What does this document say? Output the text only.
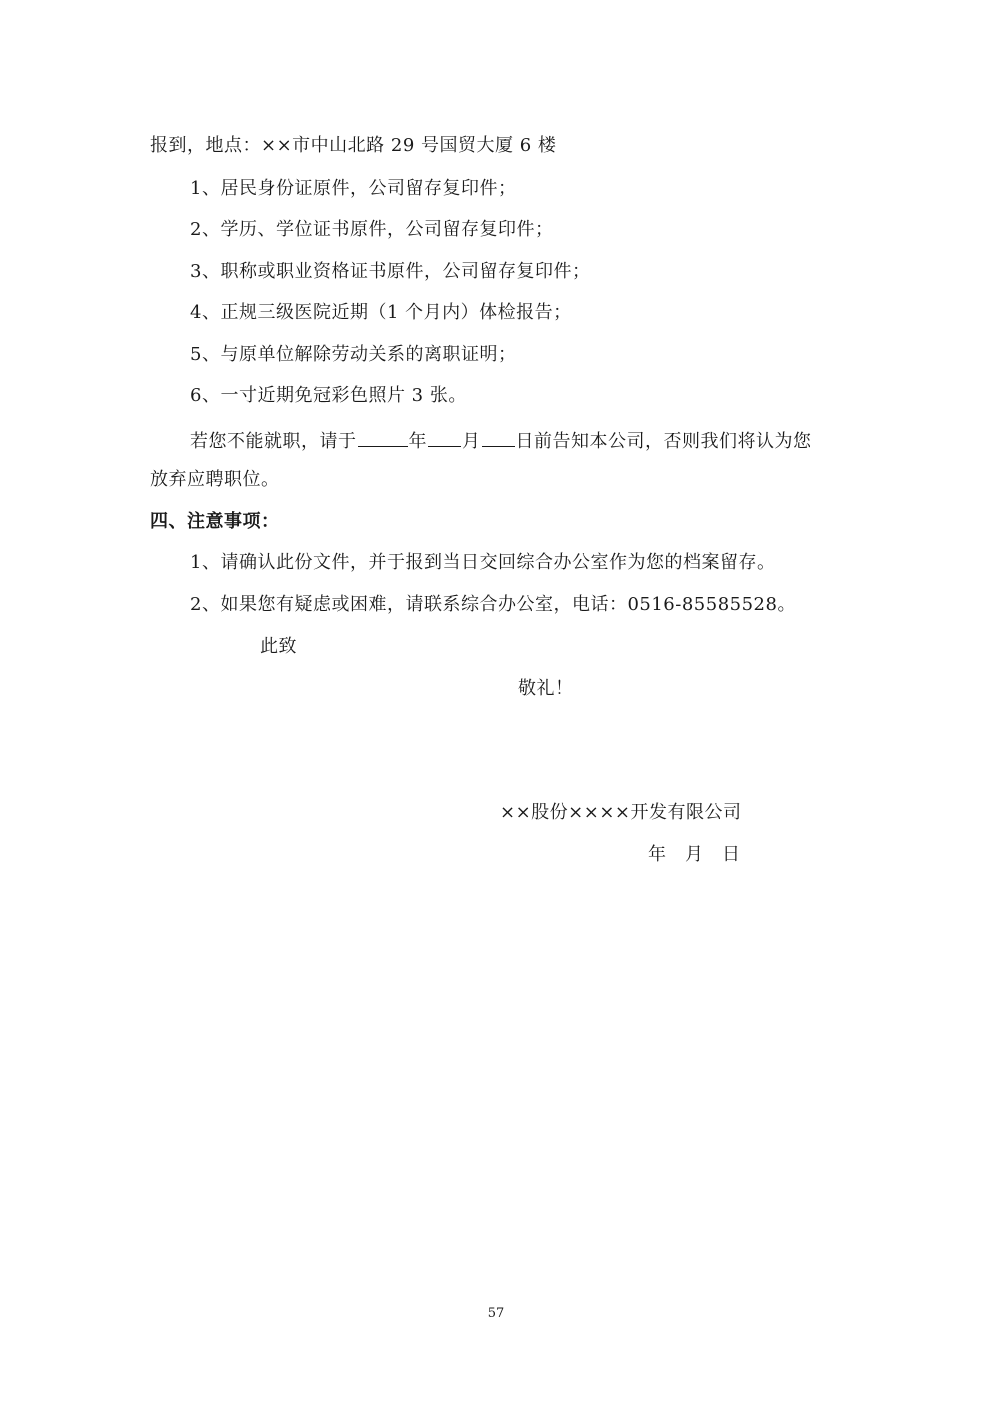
报到，地点：××市中山北路 29 号国贸大厦 6 楼
1、居民身份证原件，公司留存复印件；
2、学历、学位证书原件，公司留存复印件；
3、职称或职业资格证书原件，公司留存复印件；
4、正规三级医院近期（1 个月内）体检报告；
5、与原单位解除劳动关系的离职证明；
6、一寸近期免冠彩色照片 3 张。
若您不能就职，请于	年 月 日前告知本公司，否则我们将认为您
放弃应聘职位。
四、注意事项：
1、请确认此份文件，并于报到当日交回综合办公室作为您的档案留存。
2、如果您有疑虑或困难，请联系综合办公室，电话：0516-85585528。
此致
敬礼！
××股份××××开发有限公司
年　月　日
57
